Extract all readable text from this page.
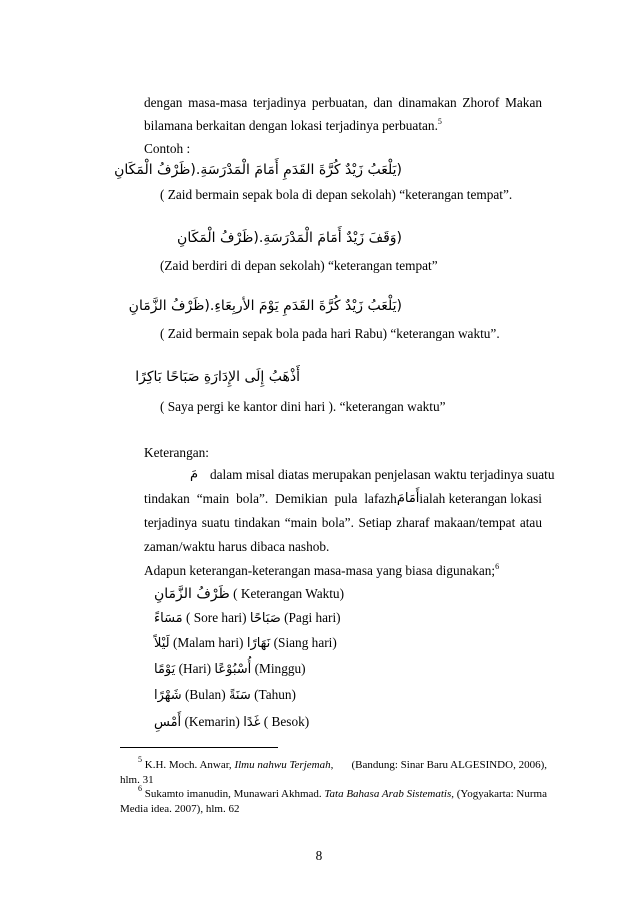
dengan masa-masa terjadinya perbuatan, dan dinamakan Zhorof Makan
bilamana berkaitan dengan lokasi terjadinya perbuatan.$^5$
Contoh :
(يَلْعَبُ زَيْدٌ كُرَّةَ القَدَمِ أَمَامَ الْمَدْرَسَةِ.(ظَرْفُ الْمَكَانِ
( Zaid bermain sepak bola di depan sekolah) “keterangan tempat”.
(وَقَفَ زَيْدٌ أَمَامَ الْمَدْرَسَةِ.(ظَرْفُ الْمَكَانِ
(Zaid berdiri di depan sekolah) “keterangan tempat”
(يَلْعَبُ زَيْدٌ كُرَّةَ القَدَمِ يَوْمَ الأربِعَاءِ.(ظَرْفُ الزَّمَانِ
( Zaid bermain sepak bola pada hari Rabu) “keterangan waktu”.
أَذْهَبُ إِلَى الإِدَارَةِ صَبَاحًا بَاكِرًا
( Saya pergi ke kantor dini hari ). “keterangan waktu”
Keterangan:
مَ dalam misal diatas merupakan penjelasan waktu terjadinya suatu
tindakan “main bola”. Demikian pula lafazh أَمَامَ ialah keterangan lokasi
terjadinya suatu tindakan “main bola”. Setiap zharaf makaan/tempat atau
zaman/waktu harus dibaca nashob.
Adapun keterangan-keterangan masa-masa yang biasa digunakan;$^6$
ظَرْفُ الزَّمَانِ ( Keterangan Waktu)
مَسَاءً ( Sore hari) صَبَاحًا (Pagi hari)
لَيْلاً (Malam hari) نَهَارًا (Siang hari)
يَوْمًا (Hari) أُسْبُوْعًا (Minggu)
شَهْرًا (Bulan) سَنَةً (Tahun)
أَمْسِ (Kemarin) غَدًا ( Besok)
$^5$ K.H. Moch. Anwar, Ilmu nahwu Terjemah, (Bandung: Sinar Baru ALGESINDO, 2006),
hlm. 31
$^6$ Sukamto imanudin, Munawari Akhmad. Tata Bahasa Arab Sistematis, (Yogyakarta: Nurma
Media idea. 2007), hlm. 62
8
